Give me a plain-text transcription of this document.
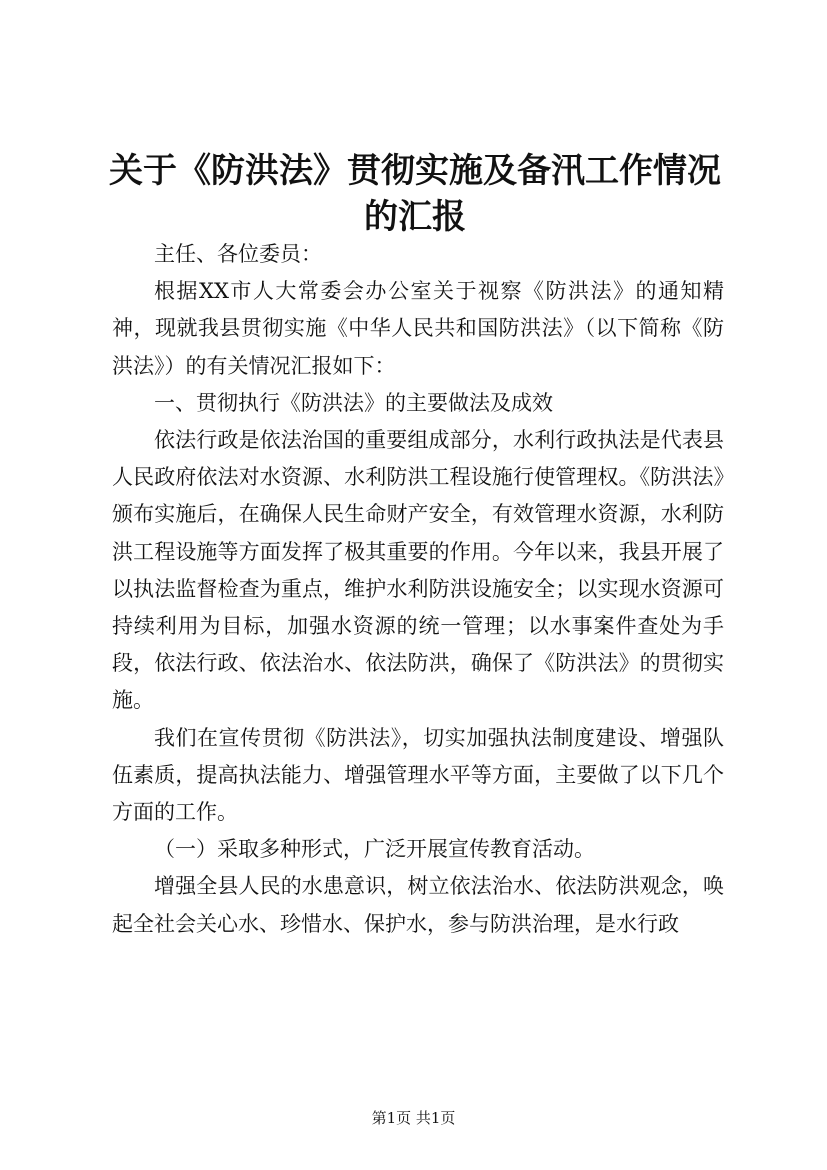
关于《防洪法》贯彻实施及备汛工作情况的汇报

主任、各位委员：

根据XX市人大常委会办公室关于视察《防洪法》的通知精神，现就我县贯彻实施《中华人民共和国防洪法》（以下简称《防洪法》）的有关情况汇报如下：

一、贯彻执行《防洪法》的主要做法及成效

依法行政是依法治国的重要组成部分，水利行政执法是代表县人民政府依法对水资源、水利防洪工程设施行使管理权。《防洪法》颁布实施后，在确保人民生命财产安全，有效管理水资源，水利防洪工程设施等方面发挥了极其重要的作用。今年以来，我县开展了以执法监督检查为重点，维护水利防洪设施安全；以实现水资源可持续利用为目标，加强水资源的统一管理；以水事案件查处为手段，依法行政、依法治水、依法防洪，确保了《防洪法》的贯彻实施。

我们在宣传贯彻《防洪法》，切实加强执法制度建设、增强队伍素质，提高执法能力、增强管理水平等方面，主要做了以下几个方面的工作。

（一）采取多种形式，广泛开展宣传教育活动。

增强全县人民的水患意识，树立依法治水、依法防洪观念，唤起全社会关心水、珍惜水、保护水，参与防洪治理，是水行政

第1页 共1页
